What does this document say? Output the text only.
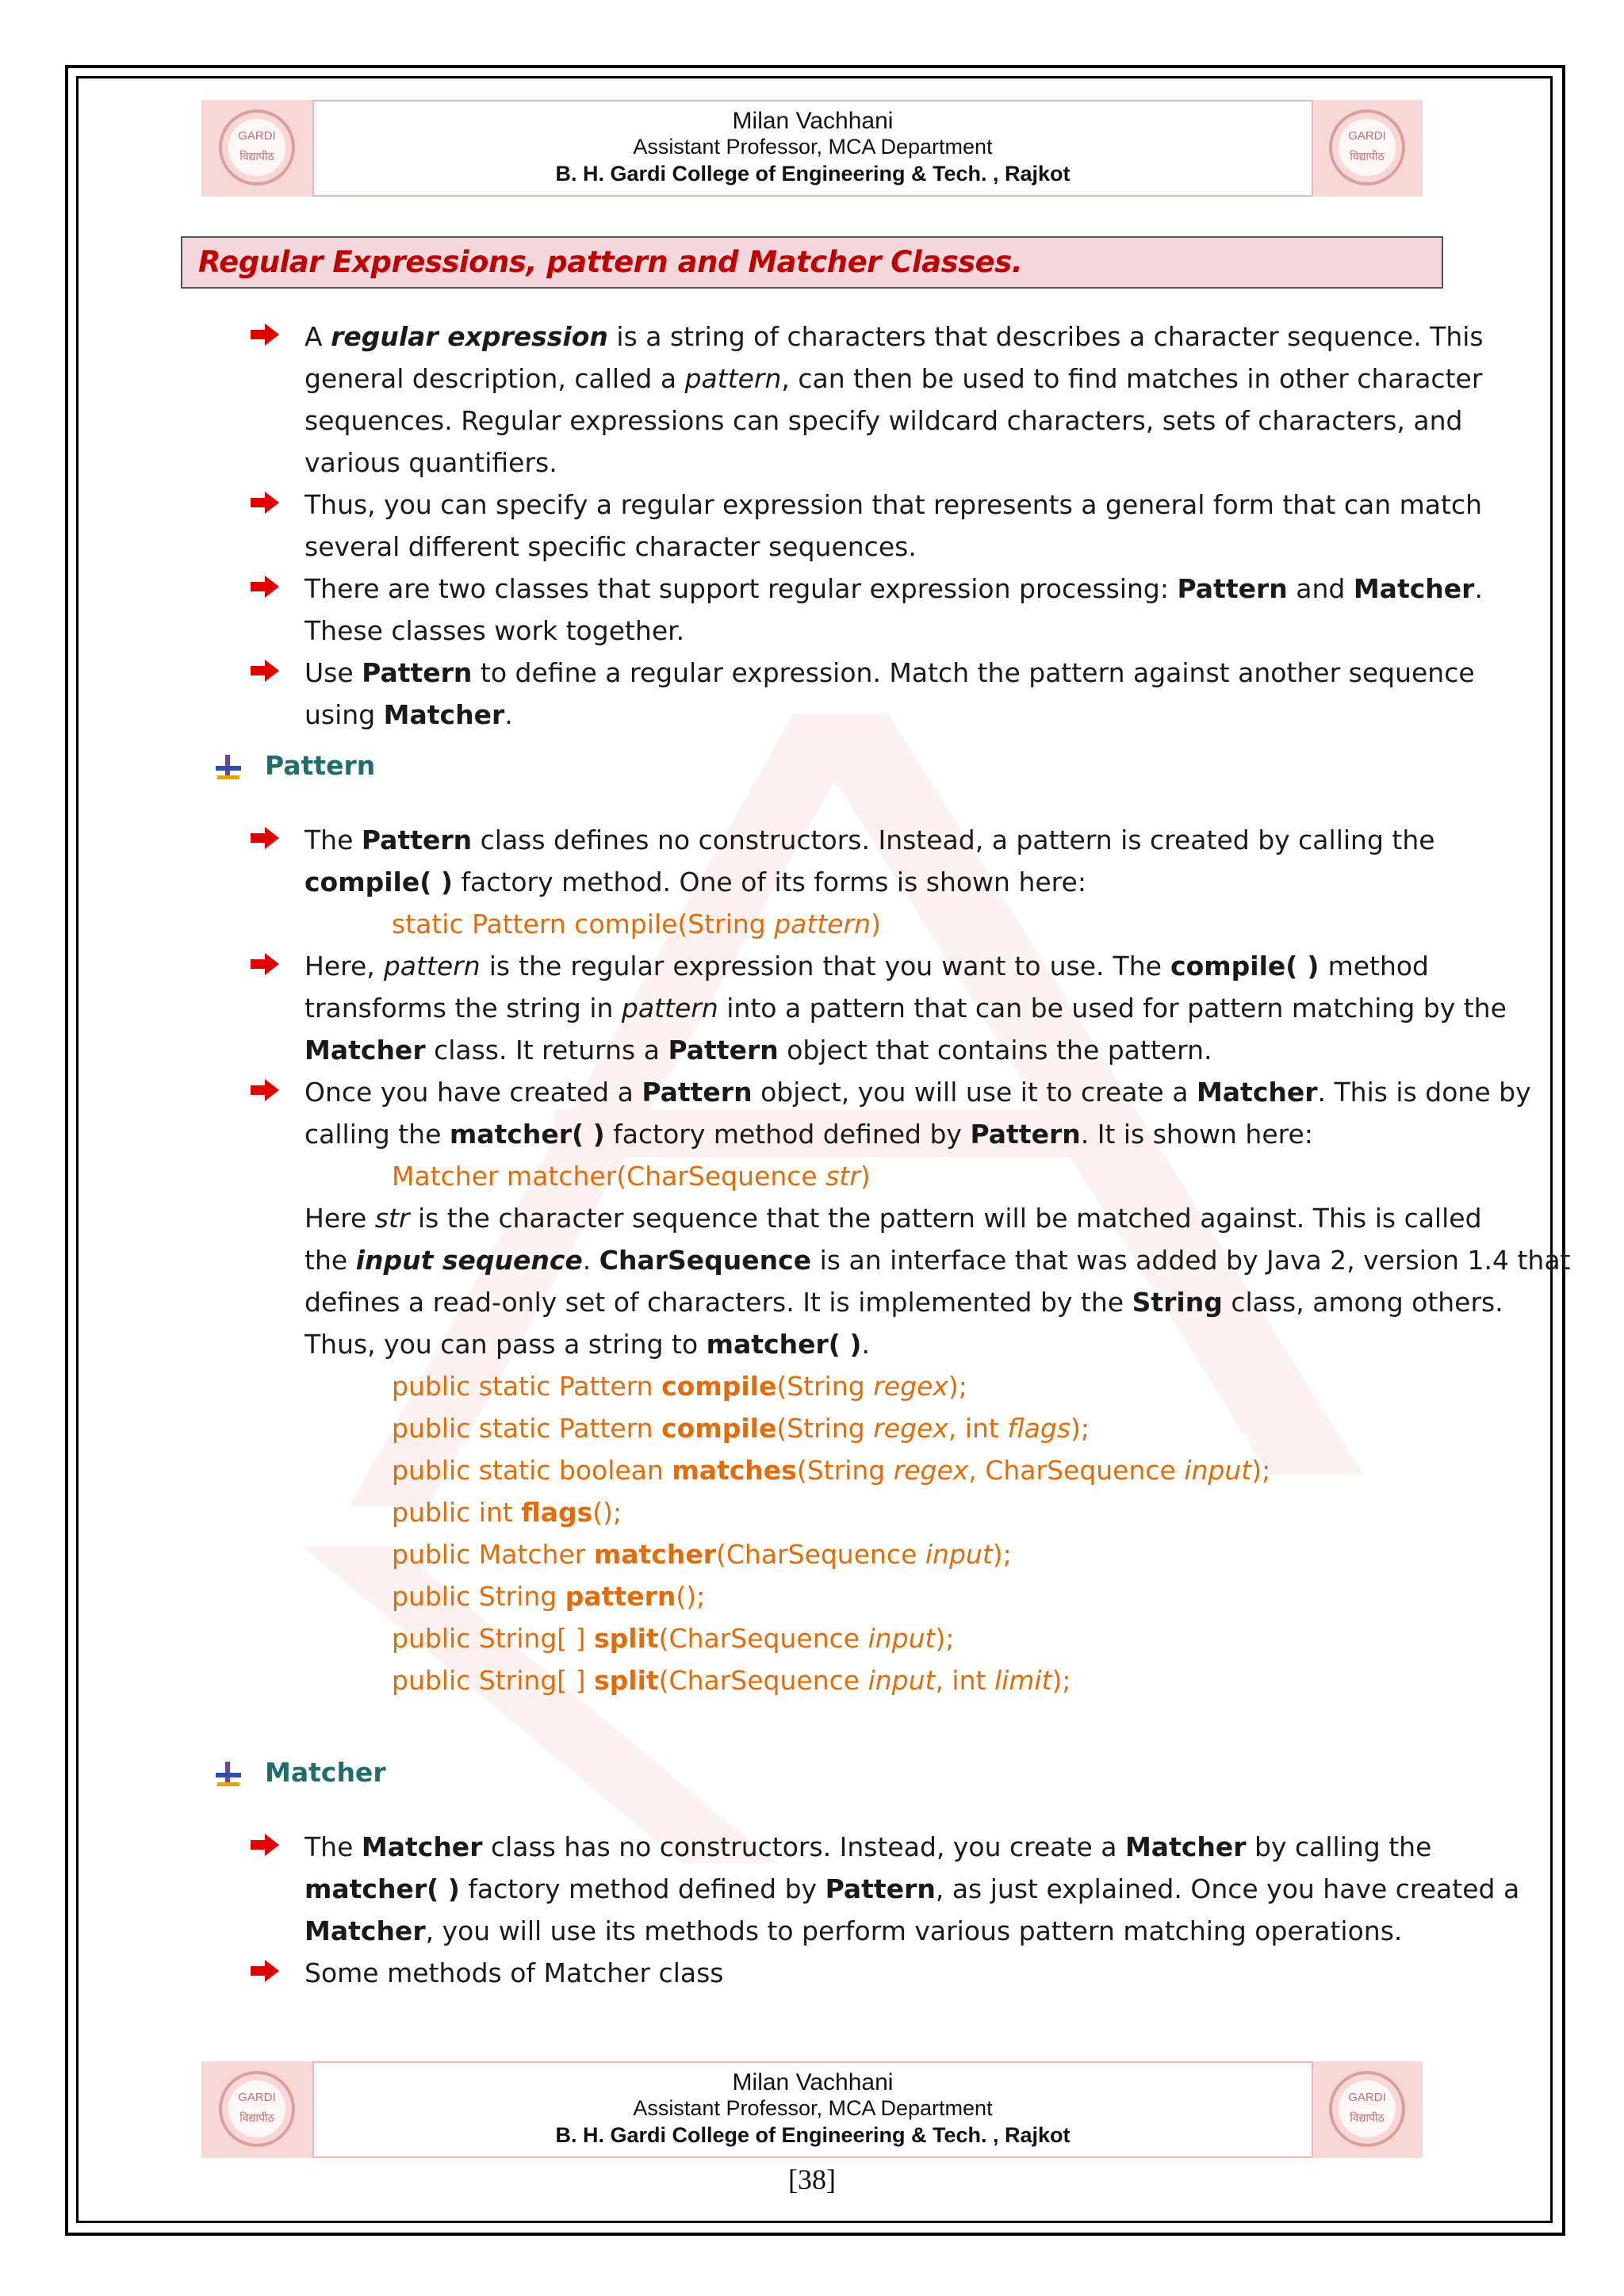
GARDI
विद्यापीठ
Milan Vachhani
Assistant Professor, MCA Department
B. H. Gardi College of Engineering & Tech. , Rajkot
GARDI
विद्यापीठ
Regular Expressions, pattern and Matcher Classes.
A regular expression is a string of characters that describes a character sequence. This
general description, called a pattern, can then be used to find matches in other character
sequences. Regular expressions can specify wildcard characters, sets of characters, and
various quantifiers.
Thus, you can specify a regular expression that represents a general form that can match
several different specific character sequences.
There are two classes that support regular expression processing: Pattern and Matcher.
These classes work together.
Use Pattern to define a regular expression. Match the pattern against another sequence
using Matcher.
Pattern
The Pattern class defines no constructors. Instead, a pattern is created by calling the
compile( ) factory method. One of its forms is shown here:
static Pattern compile(String pattern)
Here, pattern is the regular expression that you want to use. The compile( ) method
transforms the string in pattern into a pattern that can be used for pattern matching by the
Matcher class. It returns a Pattern object that contains the pattern.
Once you have created a Pattern object, you will use it to create a Matcher. This is done by
calling the matcher( ) factory method defined by Pattern. It is shown here:
Matcher matcher(CharSequence str)
Here str is the character sequence that the pattern will be matched against. This is called
the input sequence. CharSequence is an interface that was added by Java 2, version 1.4 that
defines a read-only set of characters. It is implemented by the String class, among others.
Thus, you can pass a string to matcher( ).
public static Pattern compile(String regex);
public static Pattern compile(String regex, int flags);
public static boolean matches(String regex, CharSequence input);
public int flags();
public Matcher matcher(CharSequence input);
public String pattern();
public String[ ] split(CharSequence input);
public String[ ] split(CharSequence input, int limit);
Matcher
The Matcher class has no constructors. Instead, you create a Matcher by calling the
matcher( ) factory method defined by Pattern, as just explained. Once you have created a
Matcher, you will use its methods to perform various pattern matching operations.
Some methods of Matcher class
GARDI
विद्यापीठ
Milan Vachhani
Assistant Professor, MCA Department
B. H. Gardi College of Engineering & Tech. , Rajkot
GARDI
विद्यापीठ
[38]
